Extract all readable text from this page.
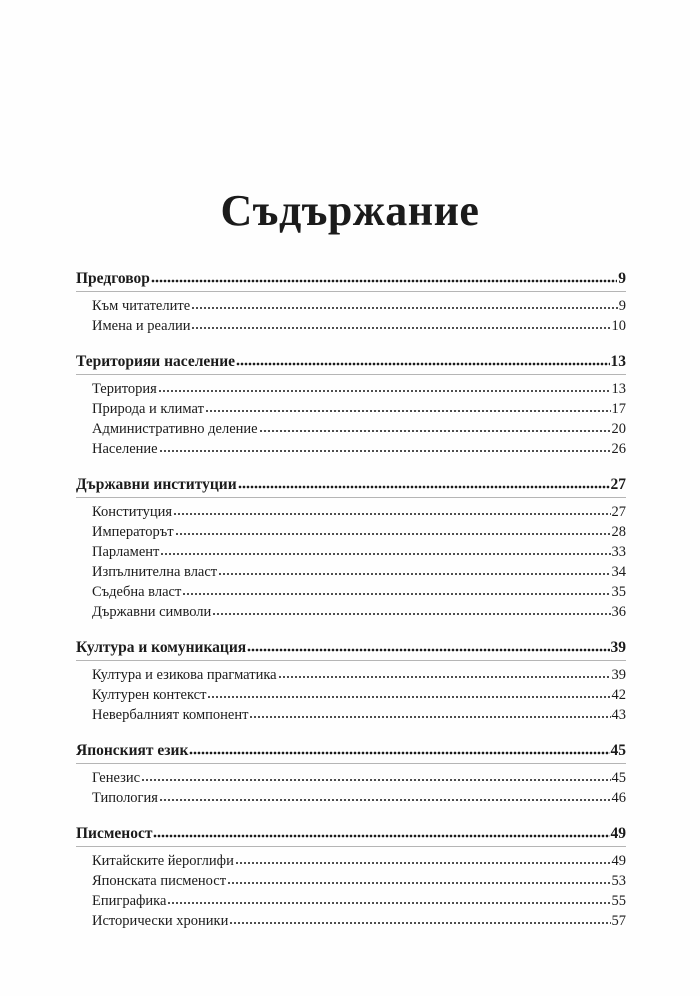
Съдържание
Предговор	9
Към читателите	9
Имена и реалии	10
Територияи население	13
Територия	13
Природа и климат	17
Административно деление	20
Население	26
Държавни институции	27
Конституция	27
Императорът	28
Парламент	33
Изпълнителна власт	34
Съдебна власт	35
Държавни символи	36
Култура и комуникация	39
Култура и езикова прагматика	39
Културен контекст	42
Невербалният компонент	43
Японският език	45
Генезис	45
Типология	46
Писменост	49
Китайските йероглифи	49
Японската писменост	53
Епиграфика	55
Исторически хроники	57
